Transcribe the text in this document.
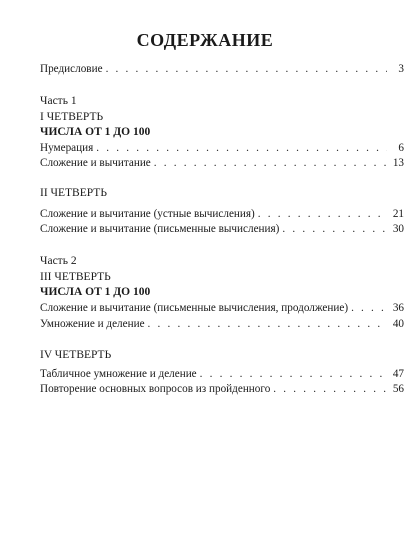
СОДЕРЖАНИЕ
Предисловие . . .	3
Часть 1
I ЧЕТВЕРТЬ
ЧИСЛА ОТ 1 ДО 100
Нумерация . . .	6
Сложение и вычитание . . .	13
II ЧЕТВЕРТЬ
Сложение и вычитание (устные вычисления) . . .	21
Сложение и вычитание (письменные вычисления) . . .	30
Часть 2
III ЧЕТВЕРТЬ
ЧИСЛА ОТ 1 ДО 100
Сложение и вычитание (письменные вычисления, продолжение) . . .	36
Умножение и деление . . .	40
IV ЧЕТВЕРТЬ
Табличное умножение и деление . . .	47
Повторение основных вопросов из пройденного . . .	56
